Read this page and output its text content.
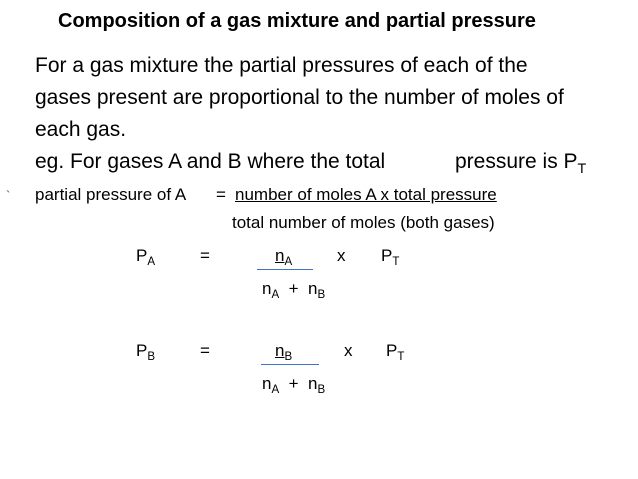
Composition of a gas mixture and partial pressure
For a gas mixture the partial pressures of each of the
gases present are proportional to the number of moles of
each gas.
eg. For gases A and B where the total	pressure is $P_T$
` partial pressure of A = number of moles A x total pressure
total number of moles (both gases)
$P_A$	=	$n_A$	x $P_T$
$n_A + n_B$
$P_B$	=	$n_B$	x $P_T$
$n_A + n_B$
